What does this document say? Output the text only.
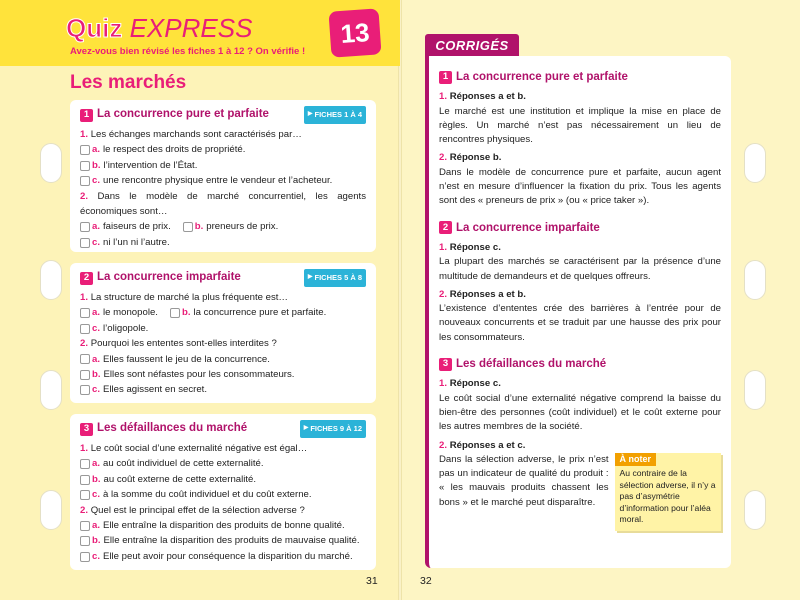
Quiz EXPRESS
Avez-vous bien révisé les fiches 1 à 12 ? On vérifie !
13
Les marchés
1 La concurrence pure et parfaite	▶ FICHES 1 À 4
1. Les échanges marchands sont caractérisés par…
a. le respect des droits de propriété.
b. l’intervention de l’État.
c. une rencontre physique entre le vendeur et l’acheteur.
2. Dans le modèle de marché concurrentiel, les agents économiques sont…
a. faiseurs de prix.	b. preneurs de prix.
c. ni l’un ni l’autre.
2 La concurrence imparfaite	▶ FICHES 5 À 8
1. La structure de marché la plus fréquente est…
a. le monopole.	b. la concurrence pure et parfaite.
c. l’oligopole.
2. Pourquoi les ententes sont-elles interdites ?
a. Elles faussent le jeu de la concurrence.
b. Elles sont néfastes pour les consommateurs.
c. Elles agissent en secret.
3 Les défaillances du marché	▶ FICHES 9 À 12
1. Le coût social d’une externalité négative est égal…
a. au coût individuel de cette externalité.
b. au coût externe de cette externalité.
c. à la somme du coût individuel et du coût externe.
2. Quel est le principal effet de la sélection adverse ?
a. Elle entraîne la disparition des produits de bonne qualité.
b. Elle entraîne la disparition des produits de mauvaise qualité.
c. Elle peut avoir pour conséquence la disparition du marché.
31
CORRIGÉS
1 La concurrence pure et parfaite
1. Réponses a et b.
Le marché est une institution et implique la mise en place de règles. Un marché n’est pas nécessairement un lieu de rencontres physiques.
2. Réponse b.
Dans le modèle de concurrence pure et parfaite, aucun agent n’est en mesure d’influencer la fixation du prix. Tous les agents sont des « preneurs de prix » (ou « price taker »).
2 La concurrence imparfaite
1. Réponse c.
La plupart des marchés se caractérisent par la présence d’une multitude de demandeurs et de quelques offreurs.
2. Réponses a et b.
L’existence d’ententes crée des barrières à l’entrée pour de nouveaux concurrents et se traduit par une hausse des prix pour les consommateurs.
3 Les défaillances du marché
1. Réponse c.
Le coût social d’une externalité négative comprend la baisse du bien-être des personnes (coût individuel) et le coût externe pour les autres membres de la société.
2. Réponses a et c.
Dans la sélection adverse, le prix n’est pas un indicateur de qualité du produit : « les mauvais produits chassent les bons » et le marché peut disparaître.
À noter
Au contraire de la sélection adverse, il n’y a pas d’asymétrie d’information pour l’aléa moral.
32
